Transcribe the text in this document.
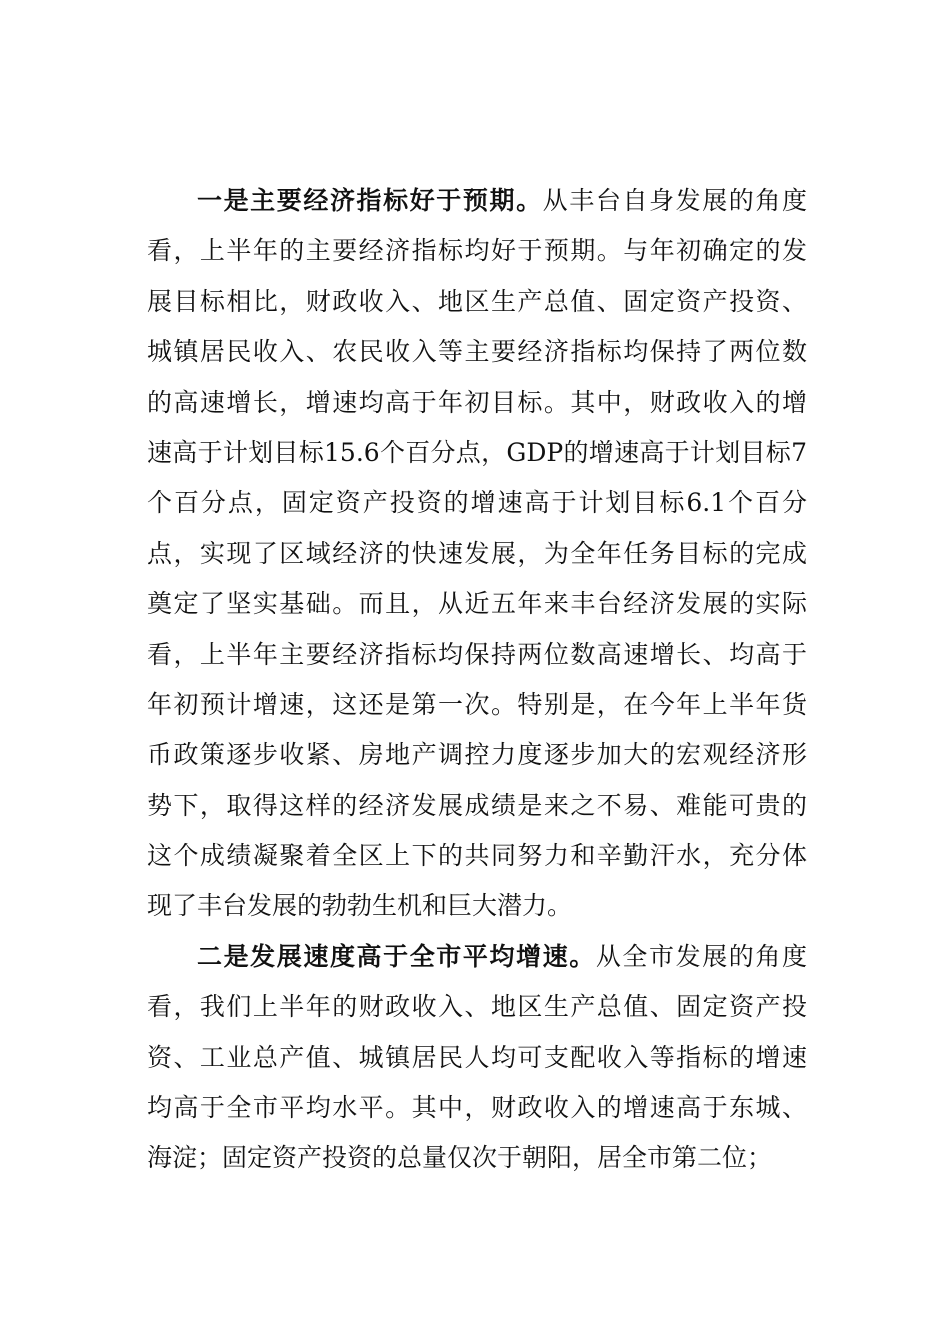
一是主要经济指标好于预期。从丰台自身发展的角度
看，上半年的主要经济指标均好于预期。与年初确定的发
展目标相比，财政收入、地区生产总值、固定资产投资、
城镇居民收入、农民收入等主要经济指标均保持了两位数
的高速增长，增速均高于年初目标。其中，财政收入的增
速高于计划目标15.6个百分点，GDP的增速高于计划目标7
个百分点，固定资产投资的增速高于计划目标6.1个百分
点，实现了区域经济的快速发展，为全年任务目标的完成
奠定了坚实基础。而且，从近五年来丰台经济发展的实际
看，上半年主要经济指标均保持两位数高速增长、均高于
年初预计增速，这还是第一次。特别是，在今年上半年货
币政策逐步收紧、房地产调控力度逐步加大的宏观经济形
势下，取得这样的经济发展成绩是来之不易、难能可贵的
这个成绩凝聚着全区上下的共同努力和辛勤汗水，充分体
现了丰台发展的勃勃生机和巨大潜力。
二是发展速度高于全市平均增速。从全市发展的角度
看，我们上半年的财政收入、地区生产总值、固定资产投
资、工业总产值、城镇居民人均可支配收入等指标的增速
均高于全市平均水平。其中，财政收入的增速高于东城、
海淀；固定资产投资的总量仅次于朝阳，居全市第二位；
